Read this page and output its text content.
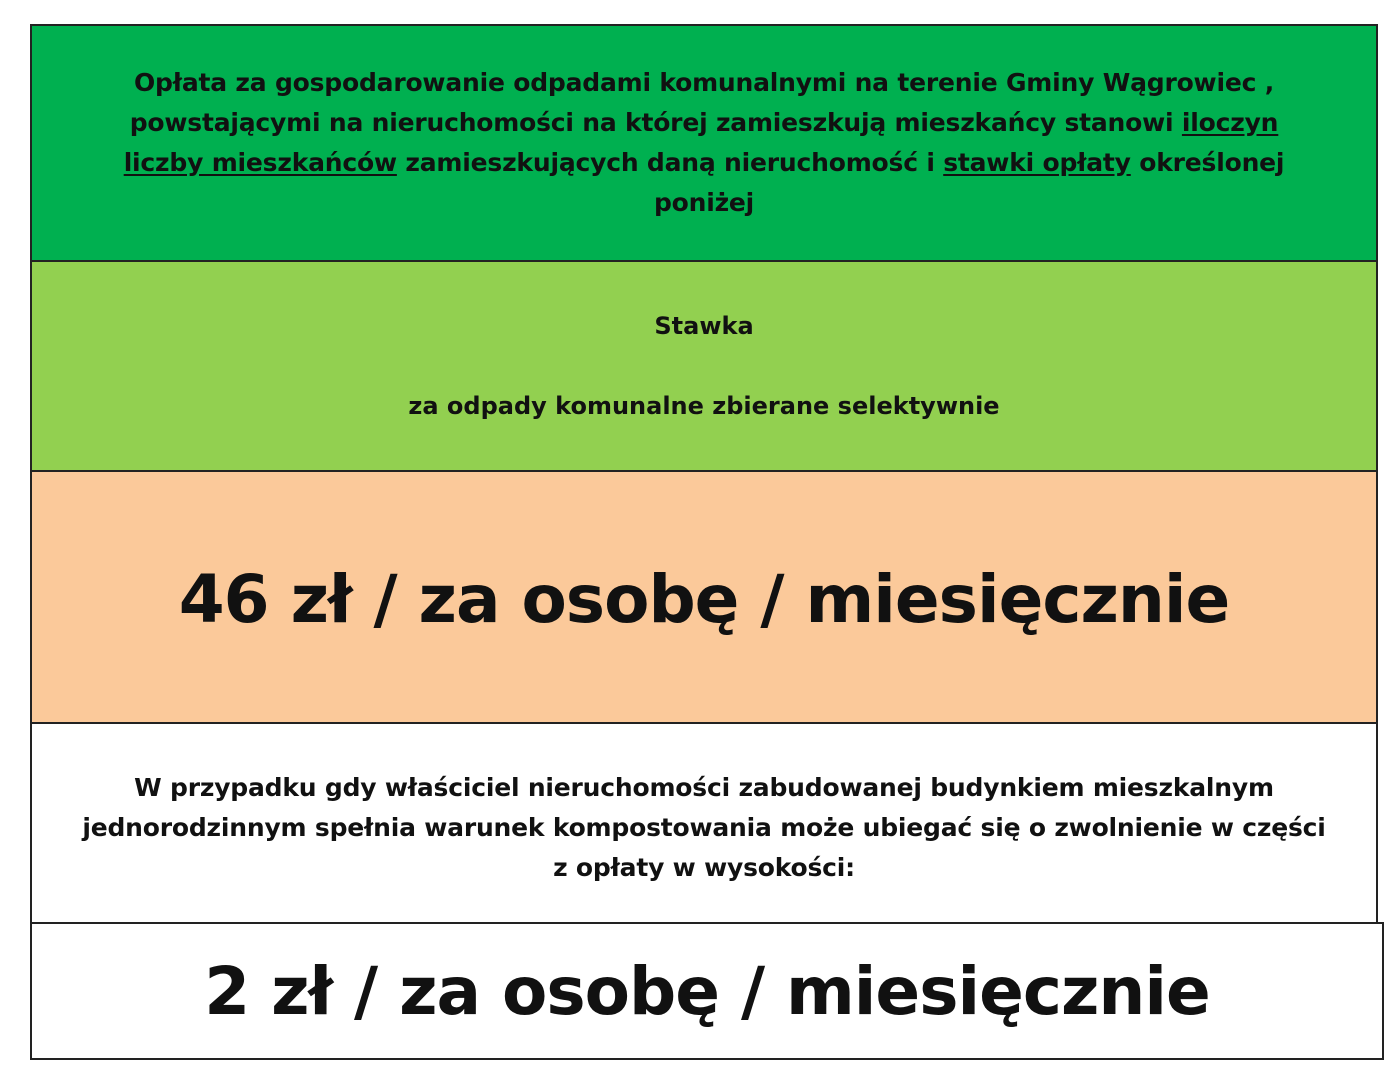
Opłata za gospodarowanie odpadami komunalnymi na terenie Gminy Wągrowiec , powstającymi na nieruchomości na której zamieszkują mieszkańcy stanowi iloczyn liczby mieszkańców zamieszkujących daną nieruchomość i stawki opłaty określonej poniżej

Stawka

za odpady komunalne zbierane selektywnie

46 zł / za osobę / miesięcznie

W przypadku gdy właściciel nieruchomości zabudowanej budynkiem mieszkalnym jednorodzinnym spełnia warunek kompostowania może ubiegać się o zwolnienie w części z opłaty w wysokości:

2 zł / za osobę / miesięcznie
